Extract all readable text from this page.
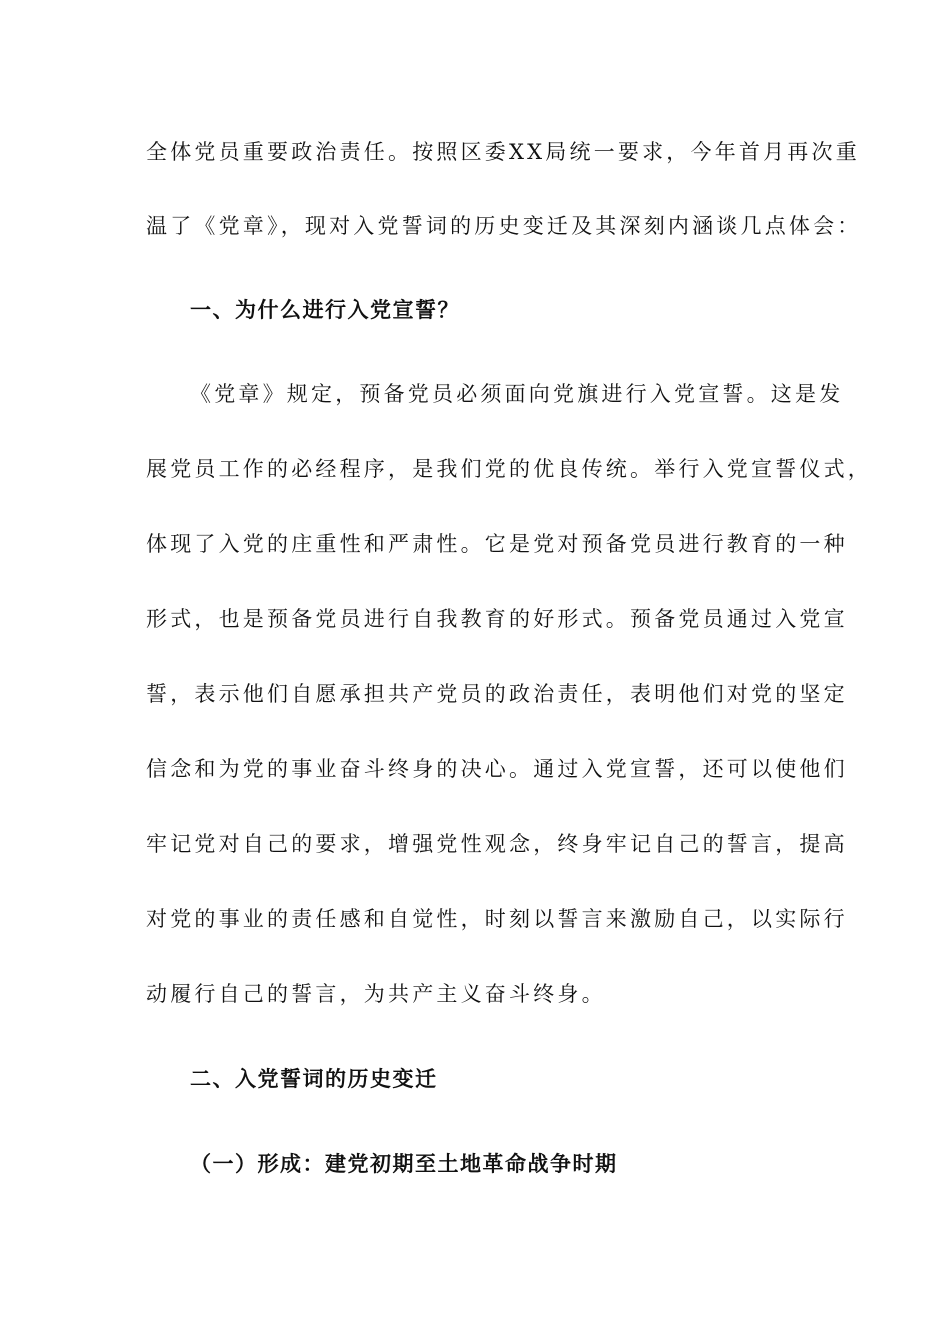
全体党员重要政治责任。按照区委XX局统一要求，今年首月再次重
温了《党章》，现对入党誓词的历史变迁及其深刻内涵谈几点体会：
一、为什么进行入党宣誓？
《党章》规定，预备党员必须面向党旗进行入党宣誓。这是发
展党员工作的必经程序，是我们党的优良传统。举行入党宣誓仪式，
体现了入党的庄重性和严肃性。它是党对预备党员进行教育的一种
形式，也是预备党员进行自我教育的好形式。预备党员通过入党宣
誓，表示他们自愿承担共产党员的政治责任，表明他们对党的坚定
信念和为党的事业奋斗终身的决心。通过入党宣誓，还可以使他们
牢记党对自己的要求，增强党性观念，终身牢记自己的誓言，提高
对党的事业的责任感和自觉性，时刻以誓言来激励自己，以实际行
动履行自己的誓言，为共产主义奋斗终身。
二、入党誓词的历史变迁
（一）形成：建党初期至土地革命战争时期
